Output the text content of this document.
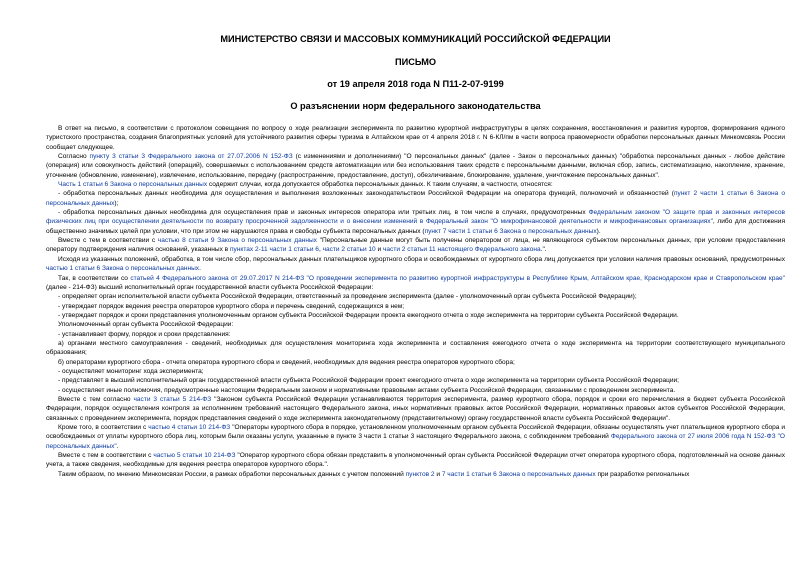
МИНИСТЕРСТВО СВЯЗИ И МАССОВЫХ КОММУНИКАЦИЙ РОССИЙСКОЙ ФЕДЕРАЦИИ

ПИСЬМО

от 19 апреля 2018 года N П11-2-07-9199

О разъяснении норм федерального законодательства

В ответ на письмо, в соответствии с протоколом совещания по вопросу о ходе реализации эксперимента по развитию курортной инфраструктуры в целях сохранения, восстановления и развития курортов, формирования единого туристского пространства, создания благоприятных условий для устойчивого развития сферы туризма в Алтайском крае от 4 апреля 2018 г. N 6-КЛ/пм в части вопроса правомерности обработки персональных данных Минкомсвязь России сообщает следующее.

Согласно пункту 3 статьи 3 Федерального закона от 27.07.2006 N 152-ФЗ (с изменениями и дополнениями) "О персональных данных" (далее - Закон о персональных данных) "обработка персональных данных - любое действие (операция) или совокупность действий (операций), совершаемых с использованием средств автоматизации или без использования таких средств с персональными данными, включая сбор, запись, систематизацию, накопление, хранение, уточнение (обновление, изменение), извлечение, использование, передачу (распространение, предоставление, доступ), обезличивание, блокирование, удаление, уничтожение персональных данных".

Часть 1 статьи 6 Закона о персональных данных содержит случаи, когда допускается обработка персональных данных. К таким случаям, в частности, относятся:

- обработка персональных данных необходима для осуществления и выполнения возложенных законодательством Российской Федерации на оператора функций, полномочий и обязанностей (пункт 2 части 1 статьи 6 Закона о персональных данных);

- обработка персональных данных необходима для осуществления прав и законных интересов оператора или третьих лиц, в том числе в случаях, предусмотренных Федеральным законом "О защите прав и законных интересов физических лиц при осуществлении деятельности по возврату просроченной задолженности и о внесении изменений в Федеральный закон "О микрофинансовой деятельности и микрофинансовых организациях", либо для достижения общественно значимых целей при условии, что при этом не нарушаются права и свободы субъекта персональных данных (пункт 7 части 1 статьи 6 Закона о персональных данных).

Вместе с тем в соответствии с частью 8 статьи 9 Закона о персональных данных "Персональные данные могут быть получены оператором от лица, не являющегося субъектом персональных данных, при условии предоставления оператору подтверждения наличия оснований, указанных в пунктах 2-11 части 1 статьи 6, части 2 статьи 10 и части 2 статьи 11 настоящего Федерального закона.".

Исходя из указанных положений, обработка, в том числе сбор, персональных данных плательщиков курортного сбора и освобождаемых от курортного сбора лиц допускается при условии наличия правовых оснований, предусмотренных частью 1 статьи 6 Закона о персональных данных.

Так, в соответствии со статьей 4 Федерального закона от 29.07.2017 N 214-ФЗ "О проведении эксперимента по развитию курортной инфраструктуры в Республике Крым, Алтайском крае, Краснодарском крае и Ставропольском крае" (далее - 214-ФЗ) высший исполнительный орган государственной власти субъекта Российской Федерации:

- определяет орган исполнительной власти субъекта Российской Федерации, ответственный за проведение эксперимента (далее - уполномоченный орган субъекта Российской Федерации);

- утверждает порядок ведения реестра операторов курортного сбора и перечень сведений, содержащихся в нем;

- утверждает порядок и сроки представления уполномоченным органом субъекта Российской Федерации проекта ежегодного отчета о ходе эксперимента на территории субъекта Российской Федерации.

Уполномоченный орган субъекта Российской Федерации:

- устанавливает форму, порядок и сроки представления:

а) органами местного самоуправления - сведений, необходимых для осуществления мониторинга хода эксперимента и составления ежегодного отчета о ходе эксперимента на территории соответствующего муниципального образования;

б) операторами курортного сбора - отчета оператора курортного сбора и сведений, необходимых для ведения реестра операторов курортного сбора;

- осуществляет мониторинг хода эксперимента;

- представляет в высший исполнительный орган государственной власти субъекта Российской Федерации проект ежегодного отчета о ходе эксперимента на территории субъекта Российской Федерации;

- осуществляет иные полномочия, предусмотренные настоящим Федеральным законом и нормативными правовыми актами субъекта Российской Федерации, связанными с проведением эксперимента.

Вместе с тем согласно части 3 статьи 5 214-ФЗ "Законом субъекта Российской Федерации устанавливаются территория эксперимента, размер курортного сбора, порядок и сроки его перечисления в бюджет субъекта Российской Федерации, порядок осуществления контроля за исполнением требований настоящего Федерального закона, иных нормативных правовых актов Российской Федерации, нормативных правовых актов субъектов Российской Федерации, связанных с проведением эксперимента, порядок представления сведений о ходе эксперимента законодательному (представительному) органу государственной власти субъекта Российской Федерации".

Кроме того, в соответствии с частью 4 статьи 10 214-ФЗ "Операторы курортного сбора в порядке, установленном уполномоченным органом субъекта Российской Федерации, обязаны осуществлять учет плательщиков курортного сбора и освобождаемых от уплаты курортного сбора лиц, которым были оказаны услуги, указанные в пункте 3 части 1 статьи 3 настоящего Федерального закона, с соблюдением требований Федерального закона от 27 июля 2006 года N 152-ФЗ "О персональных данных".

Вместе с тем в соответствии с частью 5 статьи 10 214-ФЗ "Оператор курортного сбора обязан представить в уполномоченный орган субъекта Российской Федерации отчет оператора курортного сбора, подготовленный на основе данных учета, а также сведения, необходимые для ведения реестра операторов курортного сбора.".

Таким образом, по мнению Минкомсвязи России, в рамках обработки персональных данных с учетом положений пунктов 2 и 7 части 1 статьи 6 Закона о персональных данных при разработке региональных
